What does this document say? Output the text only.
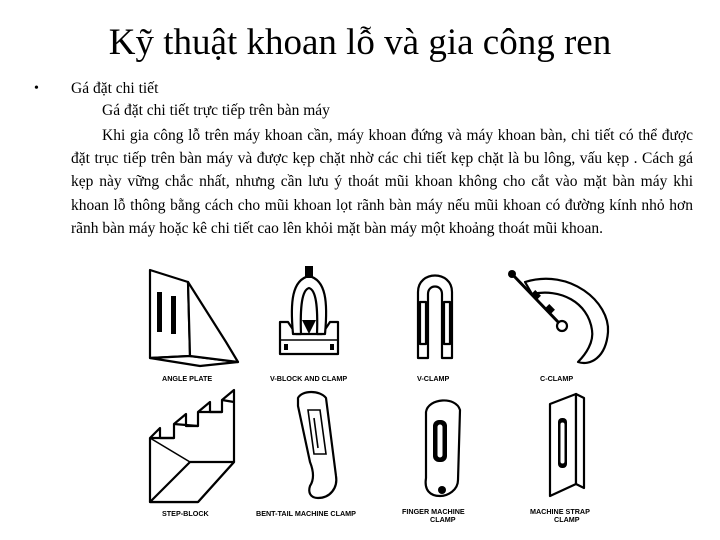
Kỹ thuật khoan lỗ và gia công ren
• Gá đặt chi tiết
Gá đặt chi tiết trực tiếp trên bàn máy
Khi gia công lỗ trên máy khoan cần, máy khoan đứng và máy khoan bàn, chi tiết có thể được đặt trục tiếp trên bàn máy và được kẹp chặt nhờ các chi tiết kẹp chặt là bu lông, vấu kẹp . Cách gá kẹp này vững chắc nhất, nhưng cần lưu ý thoát mũi khoan không cho cắt vào mặt bàn máy khi khoan lỗ thông bằng cách cho mũi khoan lọt rãnh bàn máy nếu mũi khoan có đường kính nhỏ hơn rãnh bàn máy hoặc kê chi tiết cao lên khỏi mặt bàn máy một khoảng thoát mũi khoan.
ANGLE PLATE	V-BLOCK AND CLAMP	V-CLAMP	C-CLAMP
STEP-BLOCK	BENT-TAIL MACHINE CLAMP	FINGER MACHINE
CLAMP
MACHINE STRAP
CLAMP
